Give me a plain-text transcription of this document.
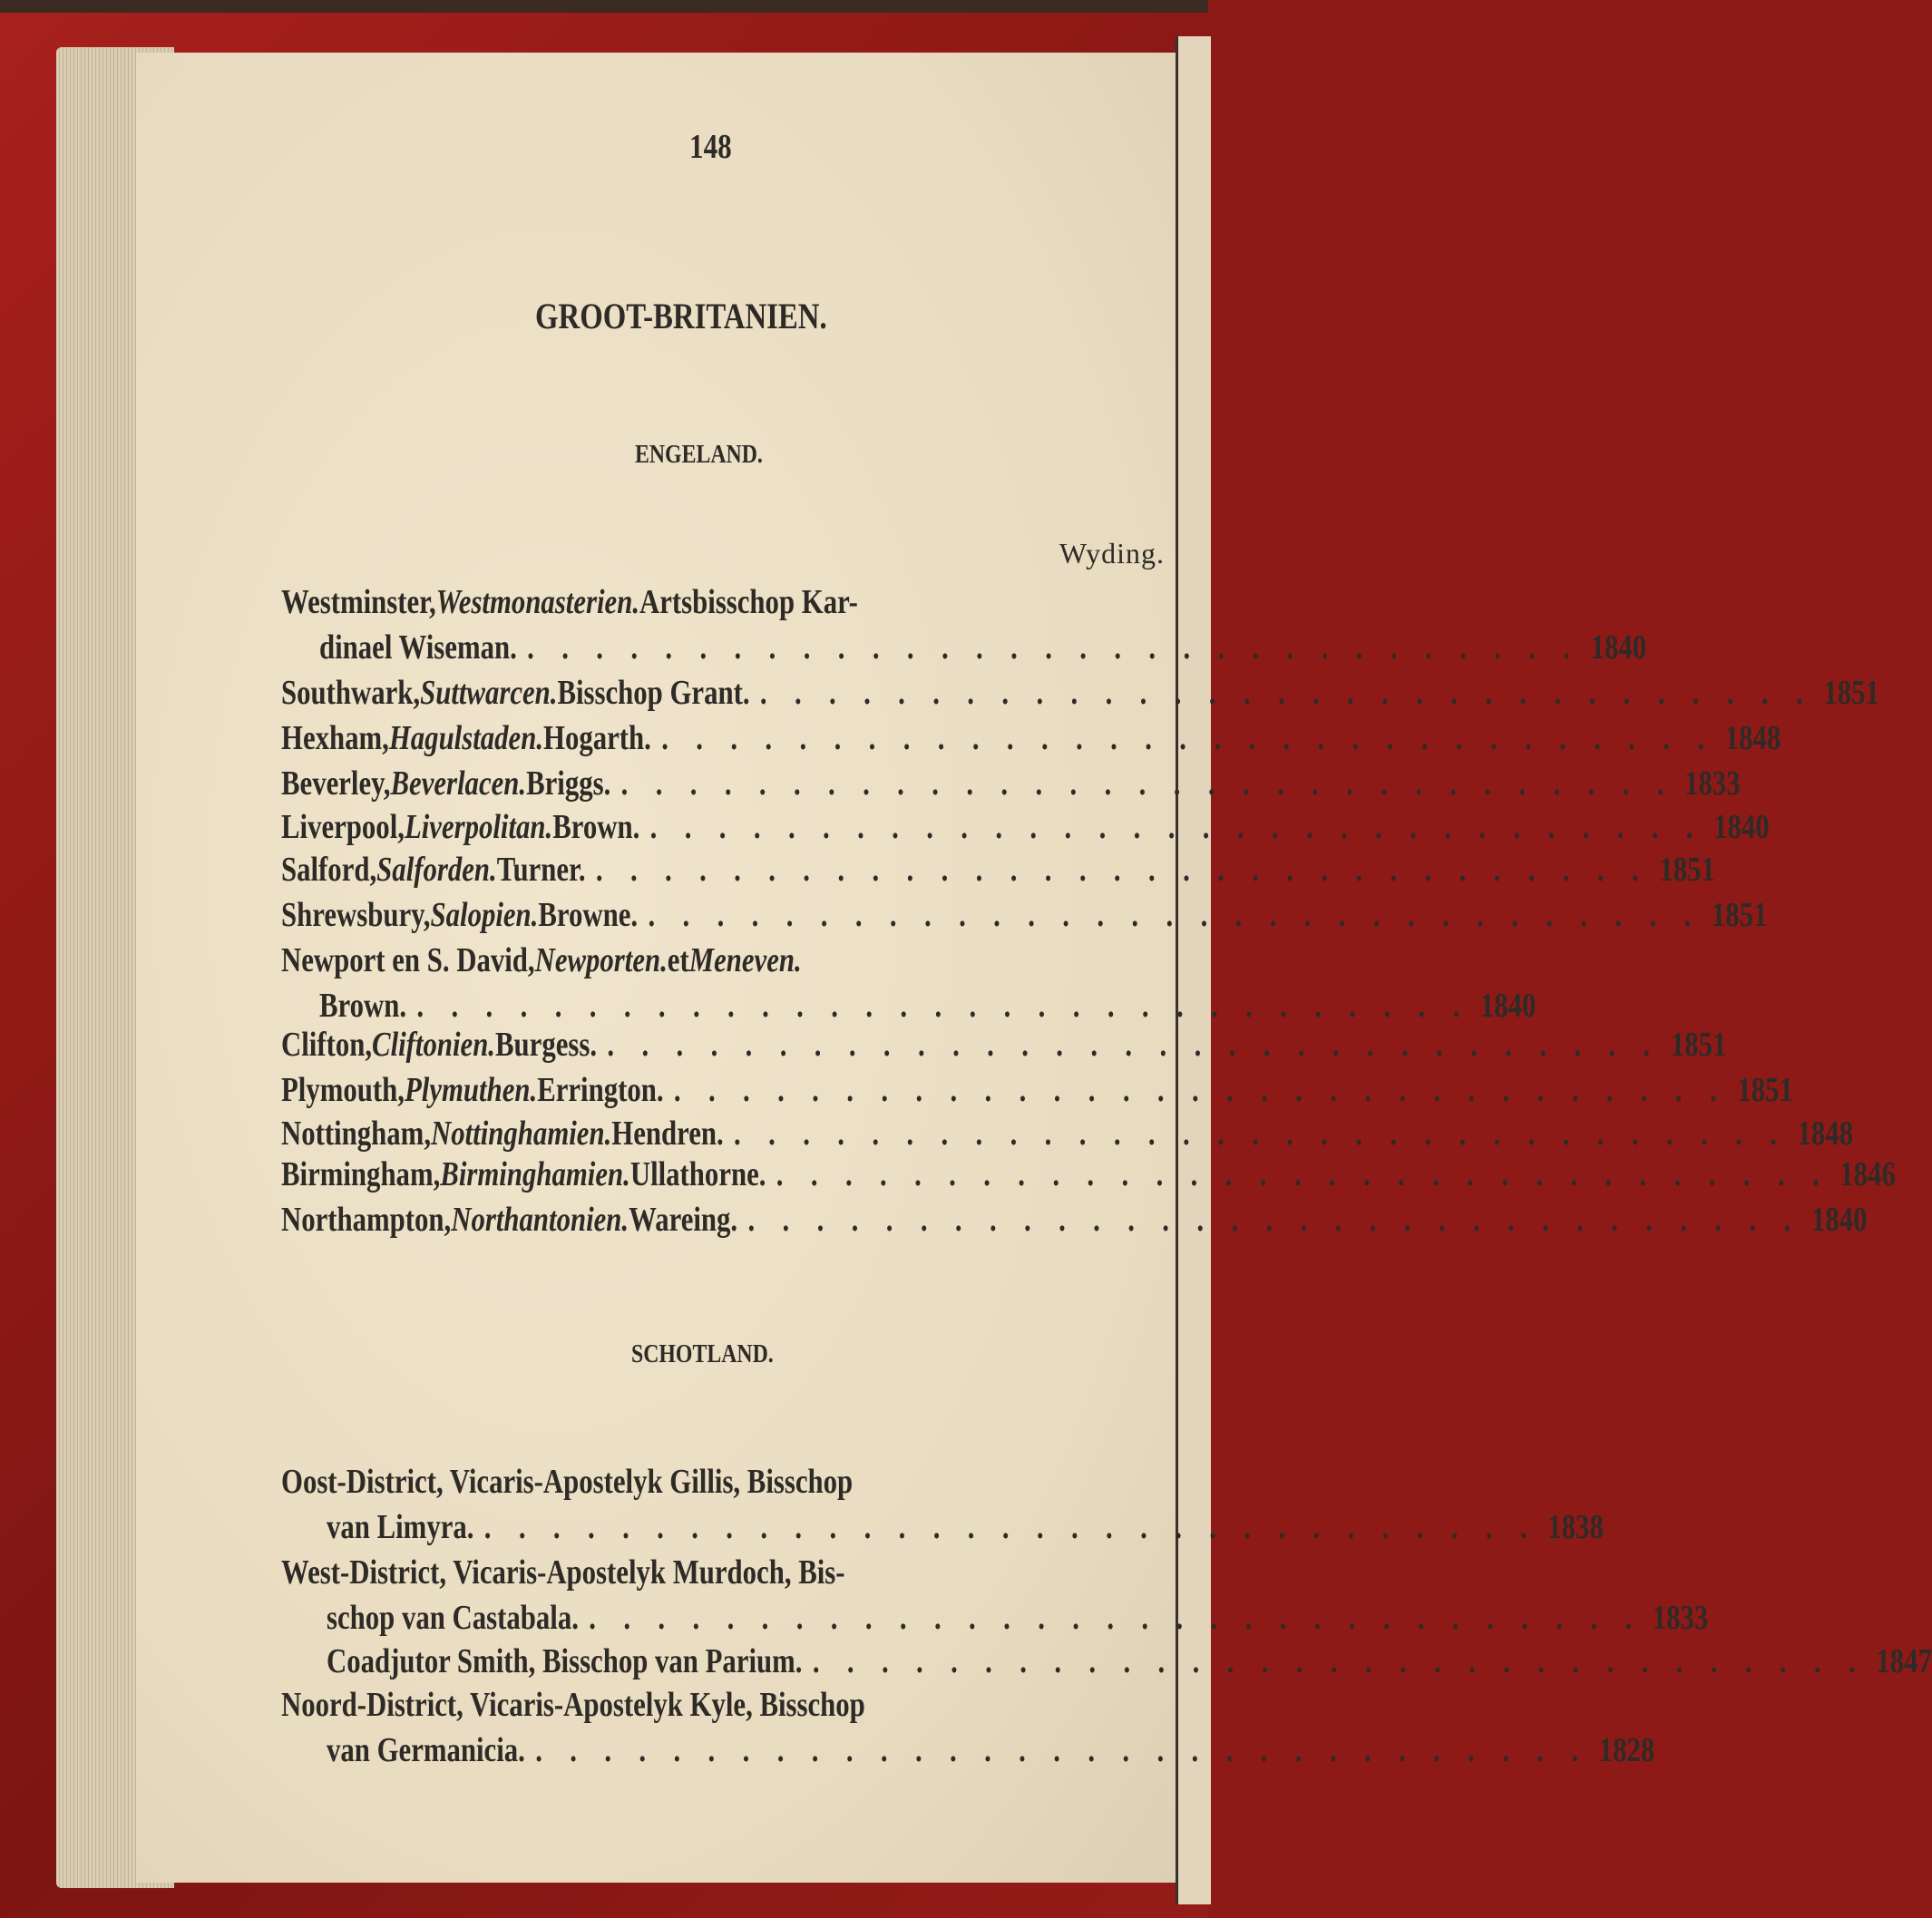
148
GROOT-BRITANIEN.
ENGELAND.
Wyding.
SCHOTLAND.
Westminster, Westmonasterien. Artsbisschop Kar-
dinael Wiseman. . . . . . . . . . . . . . . . . . . . . . . . . . . . . . . . 1840
Southwark, Suttwarcen. Bisschop Grant. . . . . . . . . . . . . . . . . . . . . . . . . . . . . . . . 1851
Hexham, Hagulstaden. Hogarth. . . . . . . . . . . . . . . . . . . . . . . . . . . . . . . . 1848
Beverley, Beverlacen. Briggs. . . . . . . . . . . . . . . . . . . . . . . . . . . . . . . . 1833
Liverpool, Liverpolitan. Brown. . . . . . . . . . . . . . . . . . . . . . . . . . . . . . . . 1840
Salford, Salforden. Turner. . . . . . . . . . . . . . . . . . . . . . . . . . . . . . . . 1851
Shrewsbury, Salopien. Browne. . . . . . . . . . . . . . . . . . . . . . . . . . . . . . . . 1851
Newport en S. David, Newporten. et Meneven.
Brown. . . . . . . . . . . . . . . . . . . . . . . . . . . . . . . . 1840
Clifton, Cliftonien. Burgess. . . . . . . . . . . . . . . . . . . . . . . . . . . . . . . . 1851
Plymouth, Plymuthen. Errington. . . . . . . . . . . . . . . . . . . . . . . . . . . . . . . . 1851
Nottingham, Nottinghamien. Hendren. . . . . . . . . . . . . . . . . . . . . . . . . . . . . . . . 1848
Birmingham, Birminghamien. Ullathorne. . . . . . . . . . . . . . . . . . . . . . . . . . . . . . . . 1846
Northampton, Northantonien. Wareing. . . . . . . . . . . . . . . . . . . . . . . . . . . . . . . . 1840
Oost-District, Vicaris-Apostelyk Gillis, Bisschop
van Limyra. . . . . . . . . . . . . . . . . . . . . . . . . . . . . . . . 1838
West-District, Vicaris-Apostelyk Murdoch, Bis-
schop van Castabala. . . . . . . . . . . . . . . . . . . . . . . . . . . . . . . . 1833
Coadjutor Smith, Bisschop van Parium. . . . . . . . . . . . . . . . . . . . . . . . . . . . . . . . 1847
Noord-District, Vicaris-Apostelyk Kyle, Bisschop
van Germanicia. . . . . . . . . . . . . . . . . . . . . . . . . . . . . . . . 1828
